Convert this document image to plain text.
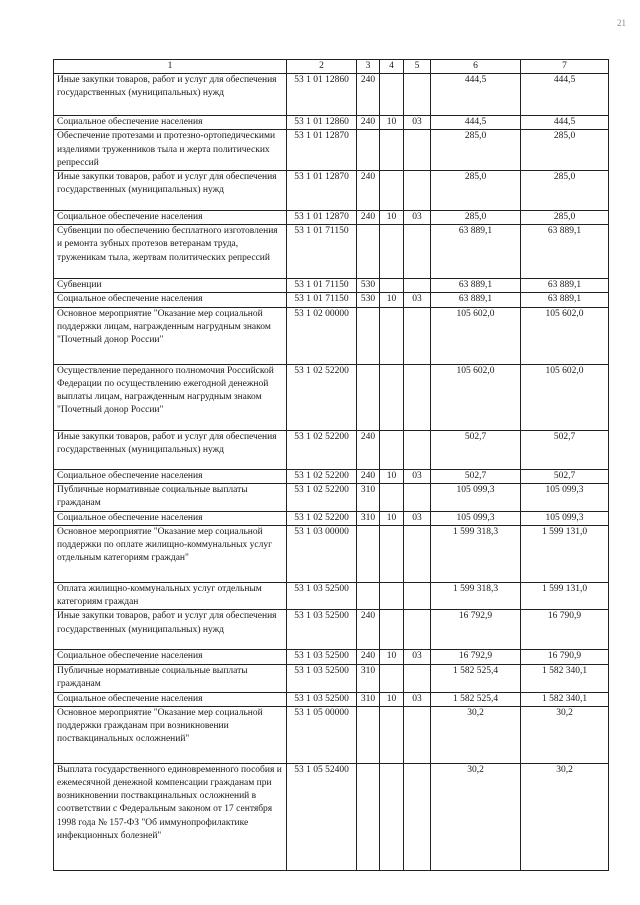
21
1	2	3	4	5	6	7
Иные закупки товаров, работ и услуг для обеспечения государственных (муниципальных) нужд	53 1 01 12860	240			444,5	444,5
Социальное обеспечение населения	53 1 01 12860	240	10	03	444,5	444,5
Обеспечение протезами и протезно-ортопедическими изделиями труженников тыла и жерта политических репрессий	53 1 01 12870				285,0	285,0
Иные закупки товаров, работ и услуг для обеспечения государственных (муниципальных) нужд	53 1 01 12870	240			285,0	285,0
Социальное обеспечение населения	53 1 01 12870	240	10	03	285,0	285,0
Субвенции по обеспечению бесплатного изготовления и ремонта зубных протезов ветеранам труда, труженикам тыла, жертвам политических репрессий	53 1 01 71150				63 889,1	63 889,1
Субвенции	53 1 01 71150	530			63 889,1	63 889,1
Социальное обеспечение населения	53 1 01 71150	530	10	03	63 889,1	63 889,1
Основное мероприятие "Оказание мер социальной поддержки лицам, награжденным нагрудным знаком "Почетный донор России"	53 1 02 00000				105 602,0	105 602,0
Осуществление переданного полномочия Российской Федерации по осуществлению ежегодной денежной выплаты лицам, награжденным нагрудным знаком "Почетный донор России"	53 1 02 52200				105 602,0	105 602,0
Иные закупки товаров, работ и услуг для обеспечения государственных (муниципальных) нужд	53 1 02 52200	240			502,7	502,7
Социальное обеспечение населения	53 1 02 52200	240	10	03	502,7	502,7
Публичные нормативные социальные выплаты гражданам	53 1 02 52200	310			105 099,3	105 099,3
Социальное обеспечение населения	53 1 02 52200	310	10	03	105 099,3	105 099,3
Основное мероприятие "Оказание мер социальной поддержки по оплате жилищно-коммунальных услуг отдельным категориям граждан"	53 1 03 00000				1 599 318,3	1 599 131,0
Оплата жилищно-коммунальных услуг отдельным категориям граждан	53 1 03 52500				1 599 318,3	1 599 131,0
Иные закупки товаров, работ и услуг для обеспечения государственных (муниципальных) нужд	53 1 03 52500	240			16 792,9	16 790,9
Социальное обеспечение населения	53 1 03 52500	240	10	03	16 792,9	16 790,9
Публичные нормативные социальные выплаты гражданам	53 1 03 52500	310			1 582 525,4	1 582 340,1
Социальное обеспечение населения	53 1 03 52500	310	10	03	1 582 525,4	1 582 340,1
Основное мероприятие "Оказание мер социальной поддержки гражданам при возникновении поствакцинальных осложнений"	53 1 05 00000				30,2	30,2
Выплата государственного единовременного пособия и ежемесячной денежной компенсации гражданам при возникновении поствакцинальных осложнений в соответствии с Федеральным законом от 17 сентября 1998 года № 157-ФЗ "Об иммунопрофилактике инфекционных болезней"	53 1 05 52400				30,2	30,2
